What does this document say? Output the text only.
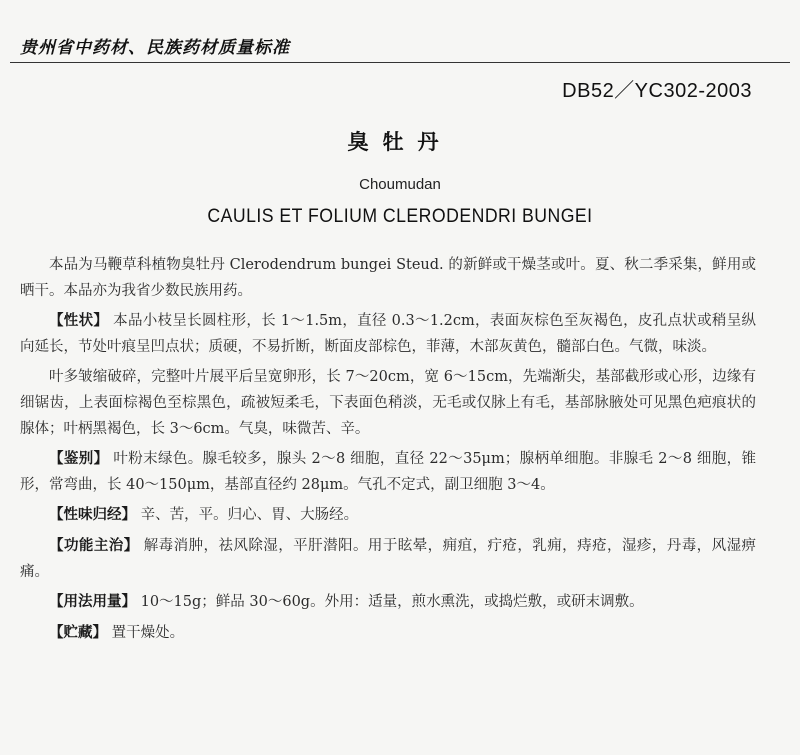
贵州省中药材、民族药材质量标准
DB52／YC302-2003
臭牡丹
Choumudan
CAULIS ET FOLIUM CLERODENDRI BUNGEI

本品为马鞭草科植物臭牡丹 Clerodendrum bungei Steud. 的新鲜或干燥茎或叶。夏、秋二季采集，鲜用或晒干。本品亦为我省少数民族用药。

【性状】 本品小枝呈长圆柱形，长 1～1.5m，直径 0.3～1.2cm，表面灰棕色至灰褐色，皮孔点状或稍呈纵向延长，节处叶痕呈凹点状；质硬，不易折断，断面皮部棕色，菲薄，木部灰黄色，髓部白色。气微，味淡。

叶多皱缩破碎，完整叶片展平后呈宽卵形，长 7～20cm，宽 6～15cm，先端渐尖，基部截形或心形，边缘有细锯齿，上表面棕褐色至棕黑色，疏被短柔毛，下表面色稍淡，无毛或仅脉上有毛，基部脉腋处可见黑色疤痕状的腺体；叶柄黑褐色，长 3～6cm。气臭，味微苦、辛。

【鉴别】 叶粉末绿色。腺毛较多，腺头 2～8 细胞，直径 22～35μm；腺柄单细胞。非腺毛 2～8 细胞，锥形，常弯曲，长 40～150μm，基部直径约 28μm。气孔不定式，副卫细胞 3～4。

【性味归经】 辛、苦，平。归心、胃、大肠经。

【功能主治】 解毒消肿，祛风除湿，平肝潜阳。用于眩晕，痈疽，疔疮，乳痈，痔疮，湿疹，丹毒，风湿痹痛。

【用法用量】 10～15g；鲜品 30～60g。外用：适量，煎水熏洗，或捣烂敷，或研末调敷。

【贮藏】 置干燥处。
